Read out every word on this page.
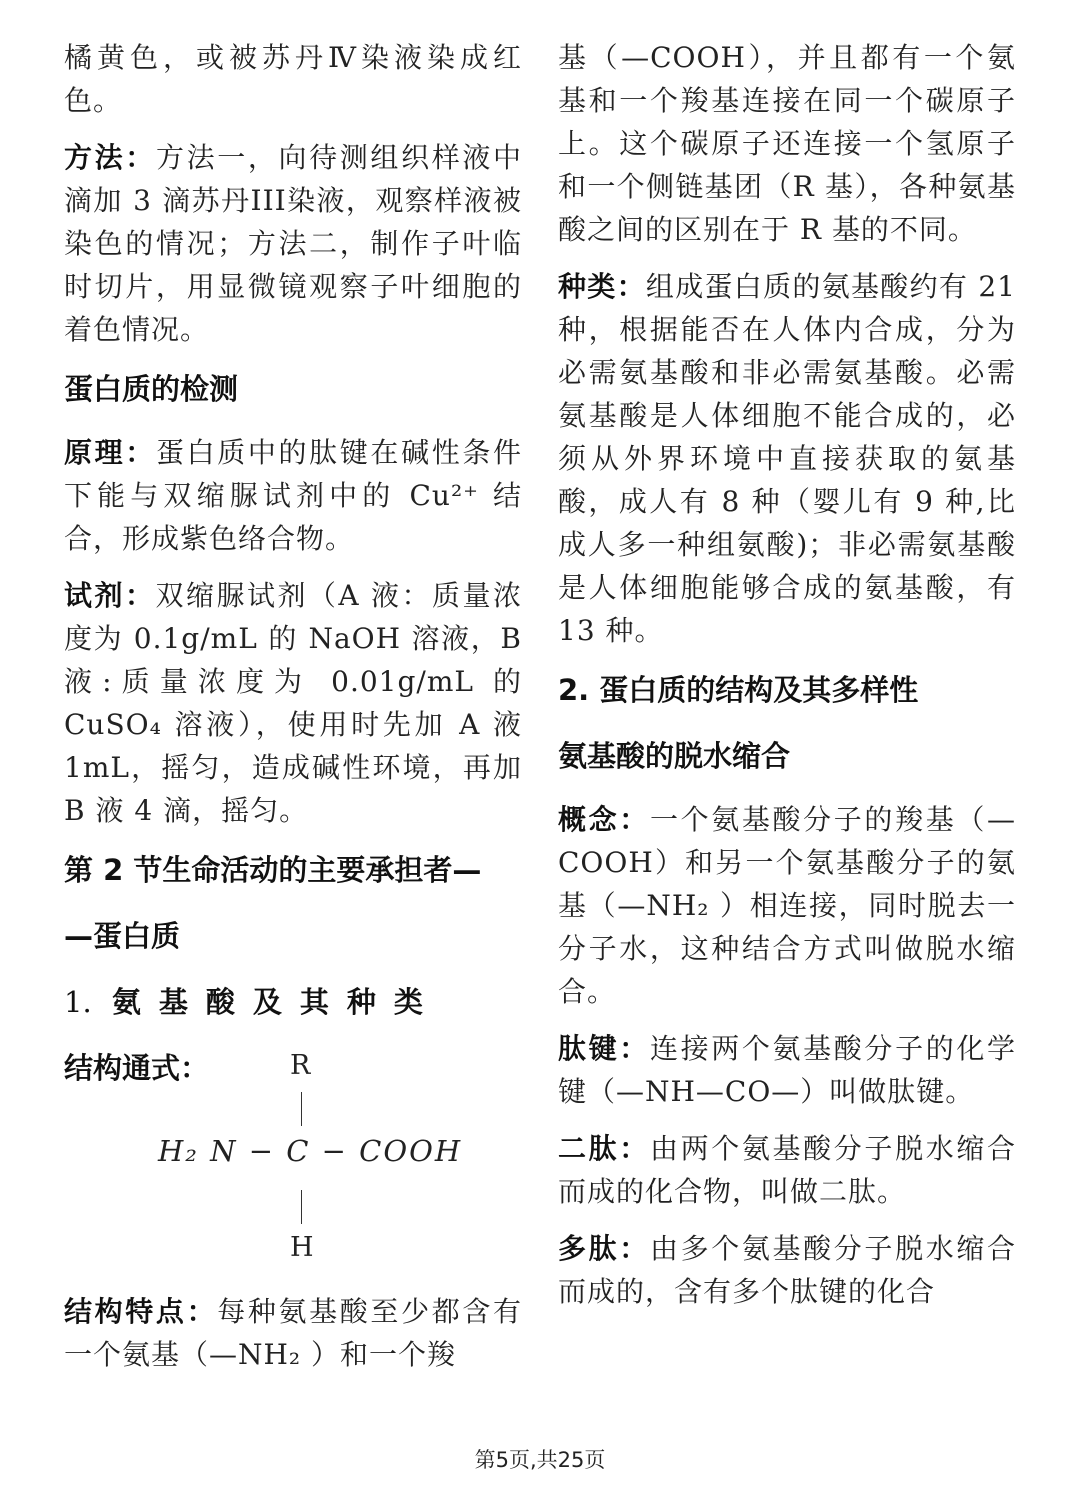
橘黄色，或被苏丹Ⅳ染液染成红色。

方法：方法一，向待测组织样液中滴加 3 滴苏丹III染液，观察样液被染色的情况；方法二，制作子叶临时切片，用显微镜观察子叶细胞的着色情况。

蛋白质的检测

原理：蛋白质中的肽键在碱性条件下能与双缩脲试剂中的 Cu²⁺ 结合，形成紫色络合物。

试剂：双缩脲试剂（A 液：质量浓度为 0.1g/mL 的 NaOH 溶液，B 液:质量浓度为 0.01g/mL 的 CuSO₄ 溶液），使用时先加 A 液 1mL，摇匀，造成碱性环境，再加 B 液 4 滴，摇匀。

第 2 节生命活动的主要承担者—
—蛋白质
1. 氨基酸及其种类
结构通式：	R
H₂ N − C − COOH
H

结构特点：每种氨基酸至少都含有一个氨基（—NH₂ ）和一个羧

基（—COOH），并且都有一个氨基和一个羧基连接在同一个碳原子上。这个碳原子还连接一个氢原子和一个侧链基团（R 基），各种氨基酸之间的区别在于 R 基的不同。

种类：组成蛋白质的氨基酸约有 21 种，根据能否在人体内合成，分为必需氨基酸和非必需氨基酸。必需氨基酸是人体细胞不能合成的，必须从外界环境中直接获取的氨基酸，成人有 8 种（婴儿有 9 种,比成人多一种组氨酸)；非必需氨基酸是人体细胞能够合成的氨基酸，有 13 种。

2. 蛋白质的结构及其多样性
氨基酸的脱水缩合

概念：一个氨基酸分子的羧基（—COOH）和另一个氨基酸分子的氨基（—NH₂ ）相连接，同时脱去一分子水，这种结合方式叫做脱水缩合。

肽键：连接两个氨基酸分子的化学键（—NH—CO—）叫做肽键。

二肽：由两个氨基酸分子脱水缩合而成的化合物，叫做二肽。

多肽：由多个氨基酸分子脱水缩合而成的，含有多个肽键的化合

第5页,共25页
